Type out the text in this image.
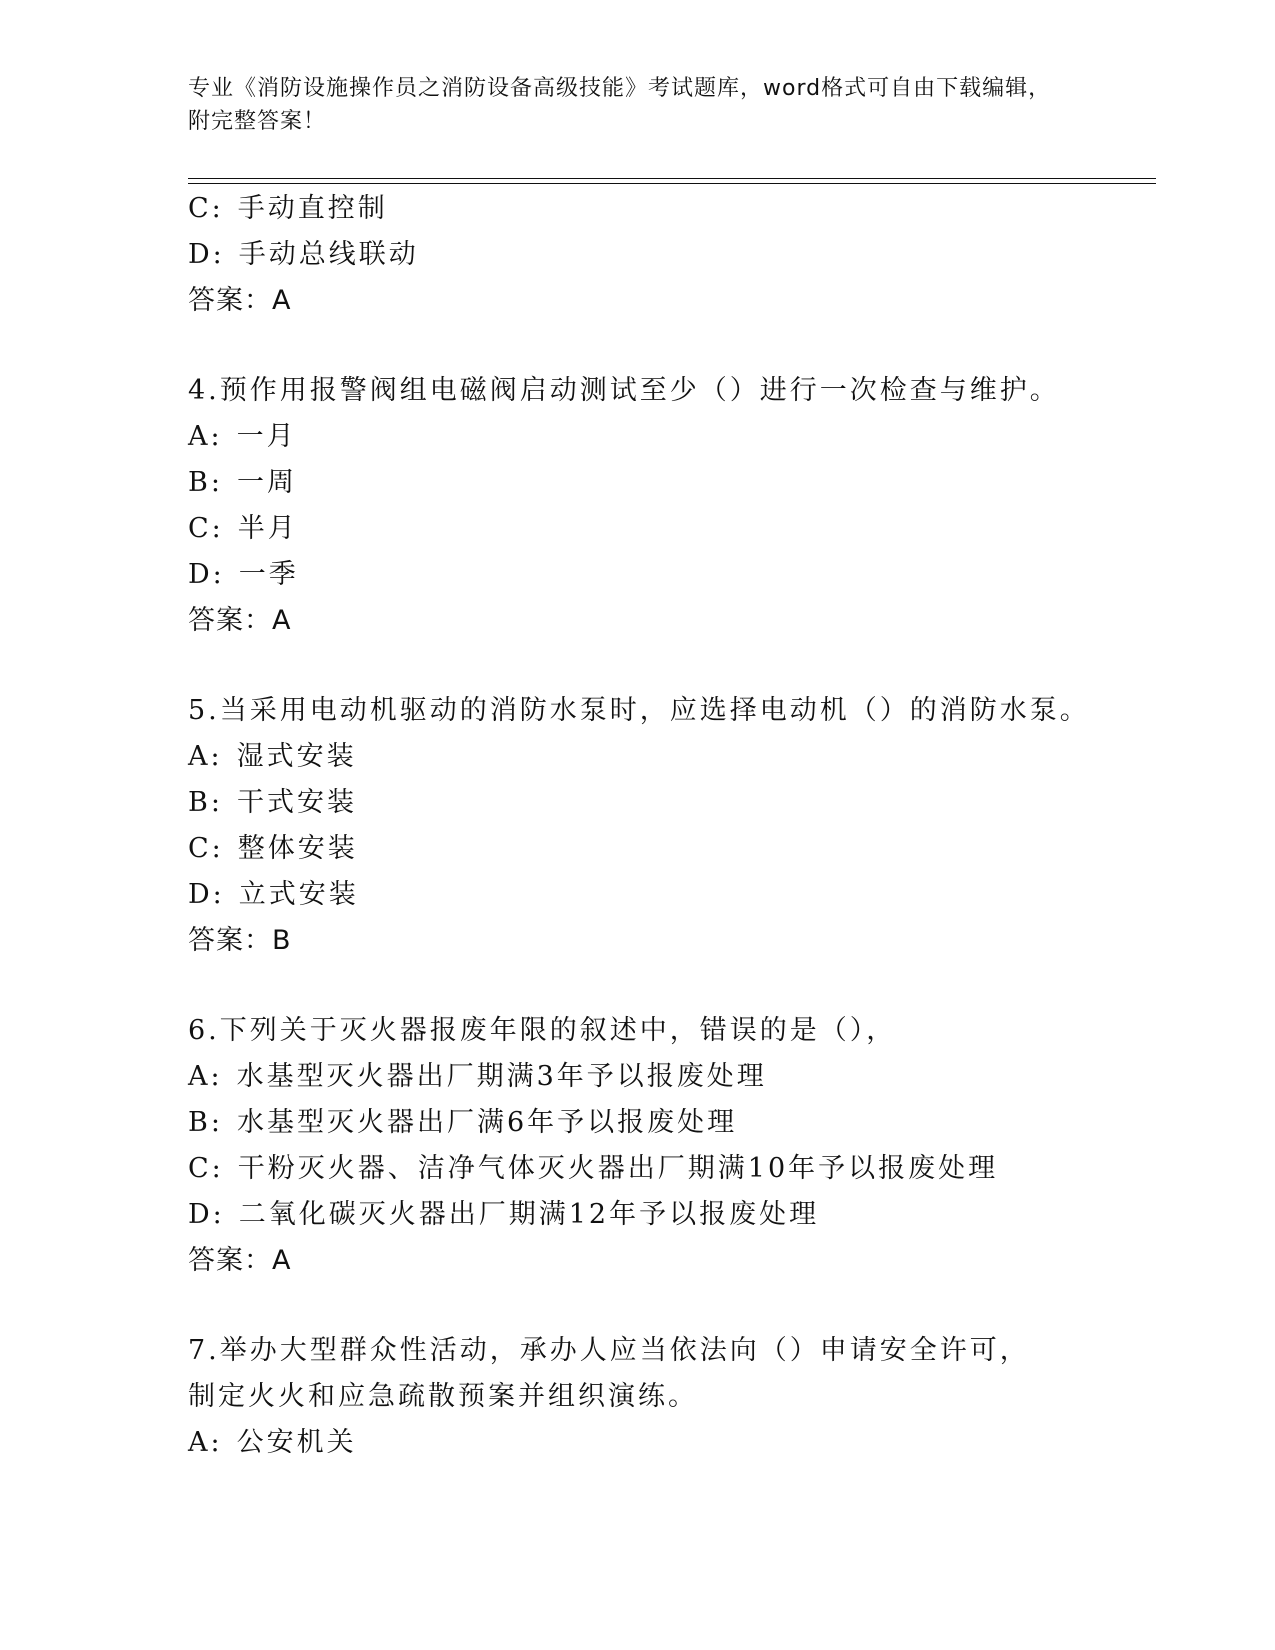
专业《消防设施操作员之消防设备高级技能》考试题库，word格式可自由下载编辑，附完整答案！
C: 手动直控制
D: 手动总线联动
答案：A
4.预作用报警阀组电磁阀启动测试至少（）进行一次检查与维护。
A: 一月
B: 一周
C: 半月
D: 一季
答案：A
5.当采用电动机驱动的消防水泵时，应选择电动机（）的消防水泵。
A: 湿式安装
B: 干式安装
C: 整体安装
D: 立式安装
答案：B
6.下列关于灭火器报废年限的叙述中，错误的是（），
A: 水基型灭火器出厂期满3年予以报废处理
B: 水基型灭火器出厂满6年予以报废处理
C: 干粉灭火器、洁净气体灭火器出厂期满10年予以报废处理
D: 二氧化碳灭火器出厂期满12年予以报废处理
答案：A
7.举办大型群众性活动，承办人应当依法向（）申请安全许可，制定火火和应急疏散预案并组织演练。
A: 公安机关
